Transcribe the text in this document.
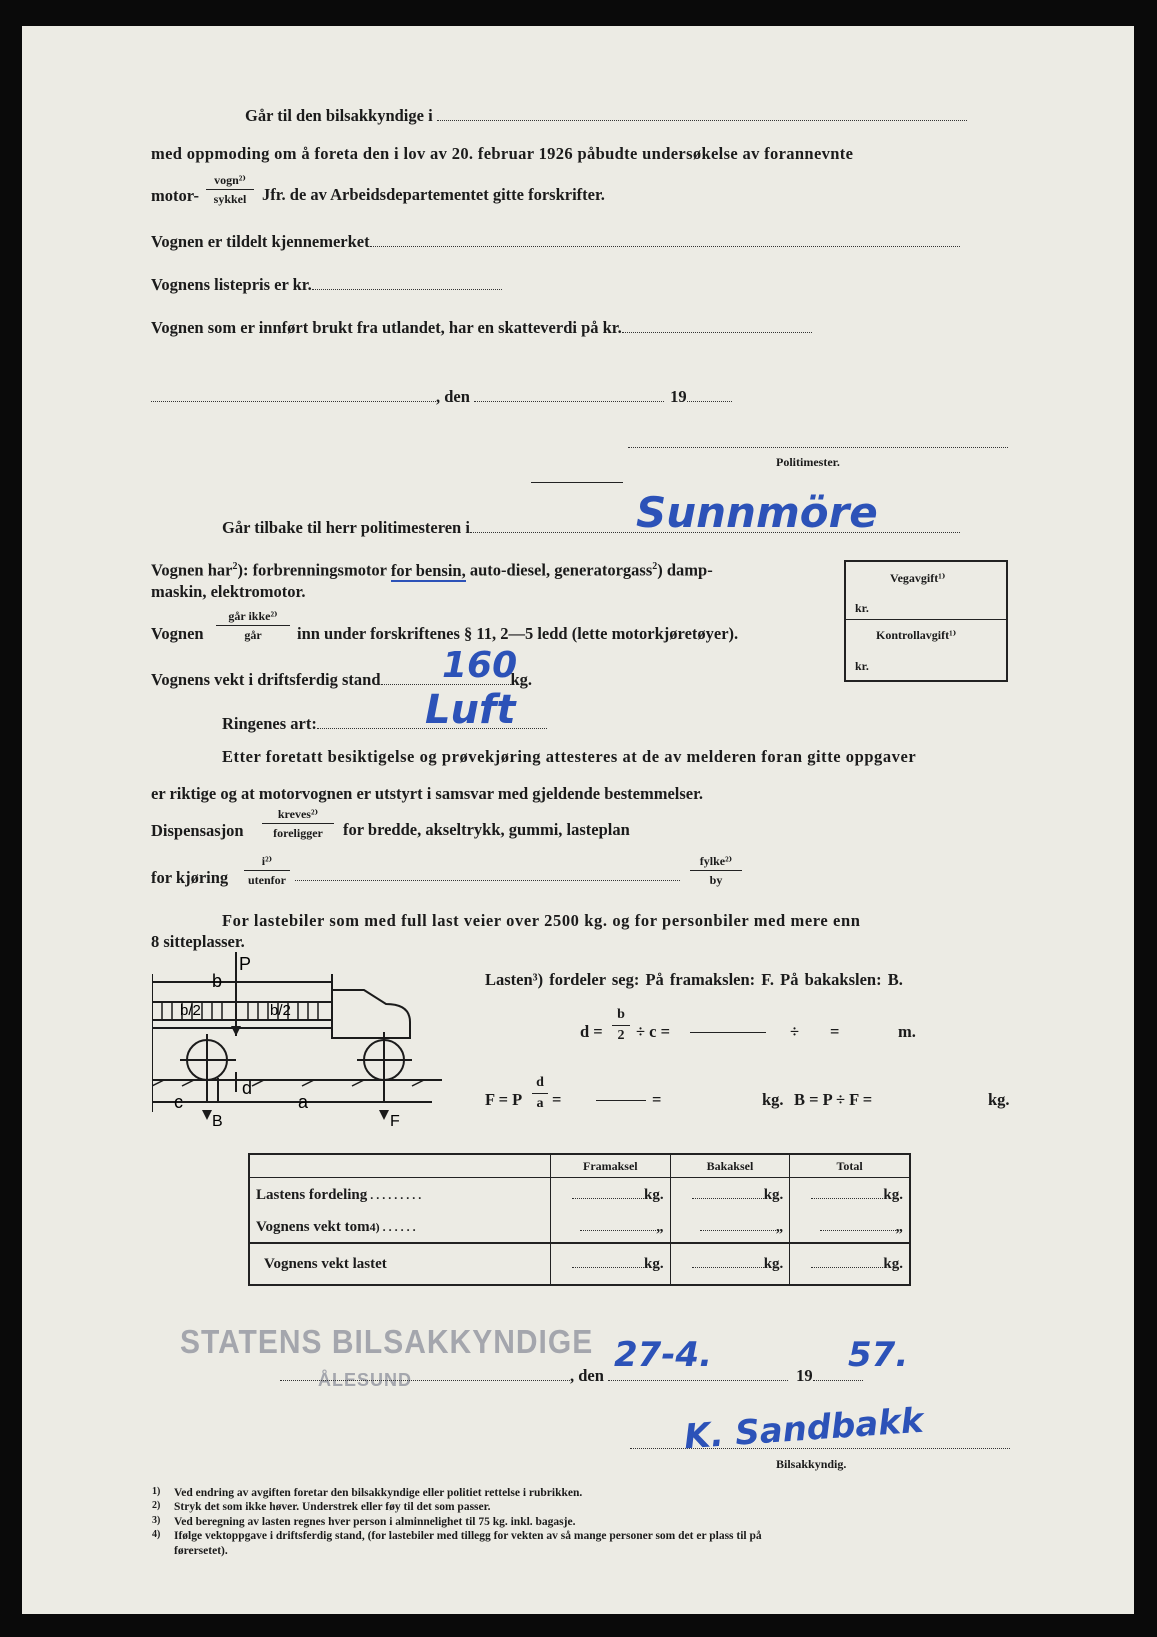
Går til den bilsakkyndige i
med oppmoding om å foreta den i lov av 20. februar 1926 påbudte undersøkelse av forannevnte
motor-
vogn²⁾
sykkel Jfr. de av Arbeidsdepartementet gitte forskrifter.
Vognen er tildelt kjennemerket
Vognens listepris er kr.
Vognen som er innført brukt fra utlandet, har en skatteverdi på kr.
, den	19
Politimester.
Går tilbake til herr politimesteren i	Sunnmöre
Vognen har$^2$): forbrenningsmotor for bensin, auto-diesel, generatorgass$^2$) damp-
maskin, elektromotor.
Vognen
går ikke²⁾
går	inn under forskriftenes § 11, 2—5 ledd (lette motorkjøretøyer).
Vognens vekt i driftsferdig stand	kg.
160
Ringenes art:	Luft
Vegavgift¹⁾
kr.
Kontrollavgift¹⁾
kr.
Etter foretatt besiktigelse og prøvekjøring attesteres at de av melderen foran gitte oppgaver
er riktige og at motorvognen er utstyrt i samsvar med gjeldende bestemmelser.
Dispensasjon
kreves²⁾
foreligger	for bredde, akseltrykk, gummi, lasteplan
for kjøring
i²⁾
utenfor
fylke²⁾
by
For lastebiler som med full last veier over 2500 kg. og for personbiler med mere enn
8 sitteplasser.
P
b
b/2	b/2
c
d
a
B	F
Lasten³) fordeler seg: På framakslen: F. På bakakslen: B.
$d = \frac{b}{2} \div c$ =	÷ =	m.
F = P $\frac{d}{a}$ =	=	kg. B = P ÷ F =	kg.
	Framaksel	Bakaksel	Total
Lastens fordeling . . . . . . . . .	kg.	kg.	kg.
Vognens vekt tom4) . . . . . .	„	„	„
Vognens vekt lastet	kg.	kg.	kg.
STATENS BILSAKKYNDIGE
ÅLESUND	, den	19
27-4.	57.
K. Sandbakk
Bilsakkyndig.
1) Ved endring av avgiften foretar den bilsakkyndige eller politiet rettelse i rubrikken.
2) Stryk det som ikke høver. Understrek eller føy til det som passer.
3) Ved beregning av lasten regnes hver person i alminnelighet til 75 kg. inkl. bagasje.
4) Ifølge vektoppgave i driftsferdig stand, (for lastebiler med tillegg for vekten av så mange personer som det er plass til på
førersetet).
